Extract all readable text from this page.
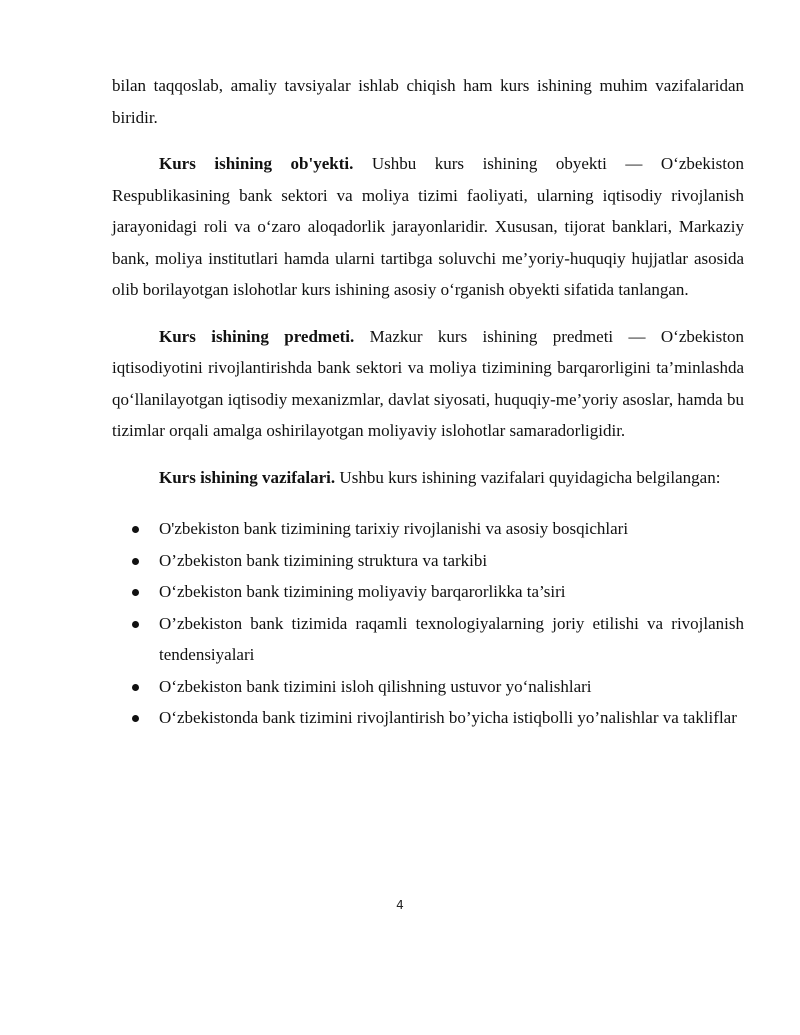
bilan taqqoslab, amaliy tavsiyalar ishlab chiqish ham kurs ishining muhim vazifalaridan biridir.

Kurs ishining ob'yekti. Ushbu kurs ishining obyekti — O‘zbekiston Respublikasining bank sektori va moliya tizimi faoliyati, ularning iqtisodiy rivojlanish jarayonidagi roli va o‘zaro aloqadorlik jarayonlaridir. Xususan, tijorat banklari, Markaziy bank, moliya institutlari hamda ularni tartibga soluvchi me’yoriy-huquqiy hujjatlar asosida olib borilayotgan islohotlar kurs ishining asosiy o‘rganish obyekti sifatida tanlangan.

Kurs ishining predmeti. Mazkur kurs ishining predmeti — O‘zbekiston iqtisodiyotini rivojlantirishda bank sektori va moliya tizimining barqarorligini ta’minlashda qo‘llanilayotgan iqtisodiy mexanizmlar, davlat siyosati, huquqiy-me’yoriy asoslar, hamda bu tizimlar orqali amalga oshirilayotgan moliyaviy islohotlar samaradorligidir.

Kurs ishining vazifalari. Ushbu kurs ishining vazifalari quyidagicha belgilangan:

O'zbekiston bank tizimining tarixiy rivojlanishi va asosiy bosqichlari
O’zbekiston bank tizimining struktura va tarkibi
O‘zbekiston bank tizimining moliyaviy barqarorlikka ta’siri
O’zbekiston bank tizimida raqamli texnologiyalarning joriy etilishi va rivojlanish tendensiyalari
O‘zbekiston bank tizimini isloh qilishning ustuvor yo‘nalishlari
O‘zbekistonda bank tizimini rivojlantirish bo’yicha istiqbolli yo’nalishlar va takliflar
4
